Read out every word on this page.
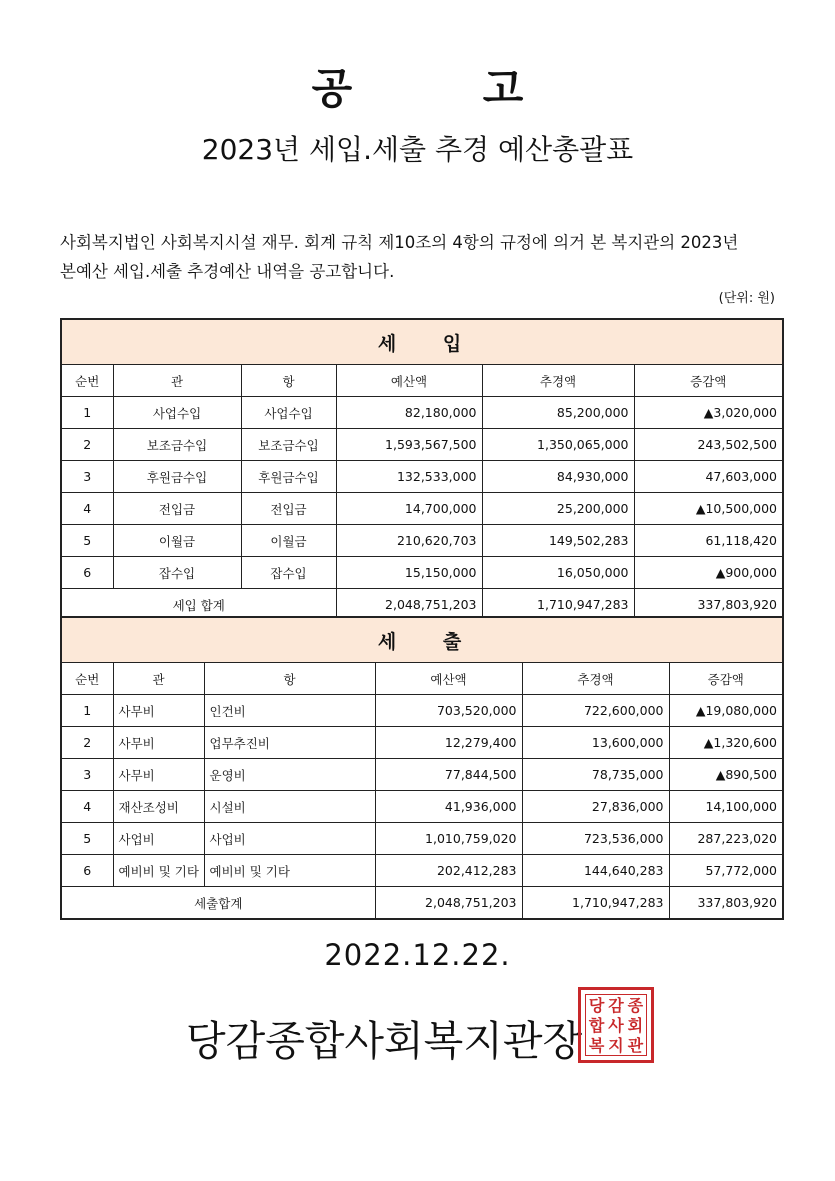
공 고
2023년 세입.세출 추경 예산총괄표
사회복지법인 사회복지시설 재무. 회계 규칙 제10조의 4항의 규정에 의거 본 복지관의 2023년
본예산 세입.세출 추경예산 내역을 공고합니다.
(단위: 원)
세 입					
순번	관	항	예산액	추경액	증감액
1	사업수입	사업수입	82,180,000	85,200,000	▲3,020,000
2	보조금수입	보조금수입	1,593,567,500	1,350,065,000	243,502,500
3	후원금수입	후원금수입	132,533,000	84,930,000	47,603,000
4	전입금	전입금	14,700,000	25,200,000	▲10,500,000
5	이월금	이월금	210,620,703	149,502,283	61,118,420
6	잡수입	잡수입	15,150,000	16,050,000	▲900,000
세입 합계			2,048,751,203	1,710,947,283	337,803,920
세 출					
순번	관	항	예산액	추경액	증감액
1	사무비	인건비	703,520,000	722,600,000	▲19,080,000
2	사무비	업무추진비	12,279,400	13,600,000	▲1,320,600
3	사무비	운영비	77,844,500	78,735,000	▲890,500
4	재산조성비	시설비	41,936,000	27,836,000	14,100,000
5	사업비	사업비	1,010,759,020	723,536,000	287,223,020
6	예비비 및 기타	예비비 및 기타	202,412,283	144,640,283	57,772,000
세출합계			2,048,751,203	1,710,947,283	337,803,920
2022.12.22.
당감종합사회복지관장
당 감 종
합 사 회
복 지 관
